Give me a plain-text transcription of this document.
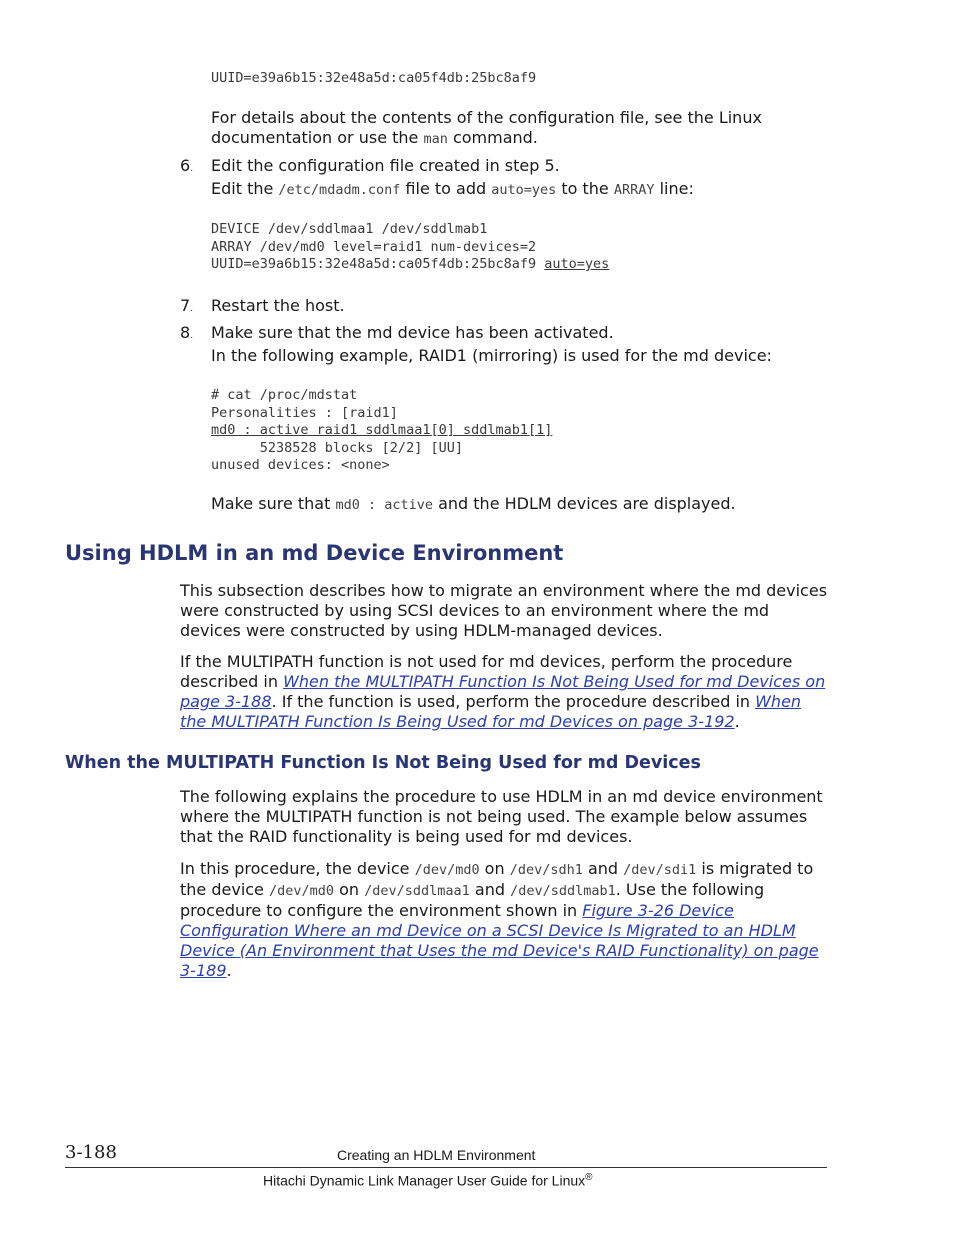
UUID=e39a6b15:32e48a5d:ca05f4db:25bc8af9
For details about the contents of the configuration file, see the Linux documentation or use the man command.
6. Edit the configuration file created in step 5.
Edit the /etc/mdadm.conf file to add auto=yes to the ARRAY line:
DEVICE /dev/sddlmaa1 /dev/sddlmab1
ARRAY /dev/md0 level=raid1 num-devices=2
UUID=e39a6b15:32e48a5d:ca05f4db:25bc8af9 auto=yes
7. Restart the host.
8. Make sure that the md device has been activated.
In the following example, RAID1 (mirroring) is used for the md device:
# cat /proc/mdstat
Personalities : [raid1]
md0 : active raid1 sddlmaa1[0] sddlmab1[1]
5238528 blocks [2/2] [UU]
unused devices: <none>
Make sure that md0 : active and the HDLM devices are displayed.
Using HDLM in an md Device Environment
This subsection describes how to migrate an environment where the md devices were constructed by using SCSI devices to an environment where the md devices were constructed by using HDLM-managed devices.
If the MULTIPATH function is not used for md devices, perform the procedure described in When the MULTIPATH Function Is Not Being Used for md Devices on page 3-188. If the function is used, perform the procedure described in When the MULTIPATH Function Is Being Used for md Devices on page 3-192.
When the MULTIPATH Function Is Not Being Used for md Devices
The following explains the procedure to use HDLM in an md device environment where the MULTIPATH function is not being used. The example below assumes that the RAID functionality is being used for md devices.
In this procedure, the device /dev/md0 on /dev/sdh1 and /dev/sdi1 is migrated to the device /dev/md0 on /dev/sddlmaa1 and /dev/sddlmab1. Use the following procedure to configure the environment shown in Figure 3-26 Device Configuration Where an md Device on a SCSI Device Is Migrated to an HDLM Device (An Environment that Uses the md Device's RAID Functionality) on page 3-189.
3-188	Creating an HDLM Environment
Hitachi Dynamic Link Manager User Guide for Linux®
